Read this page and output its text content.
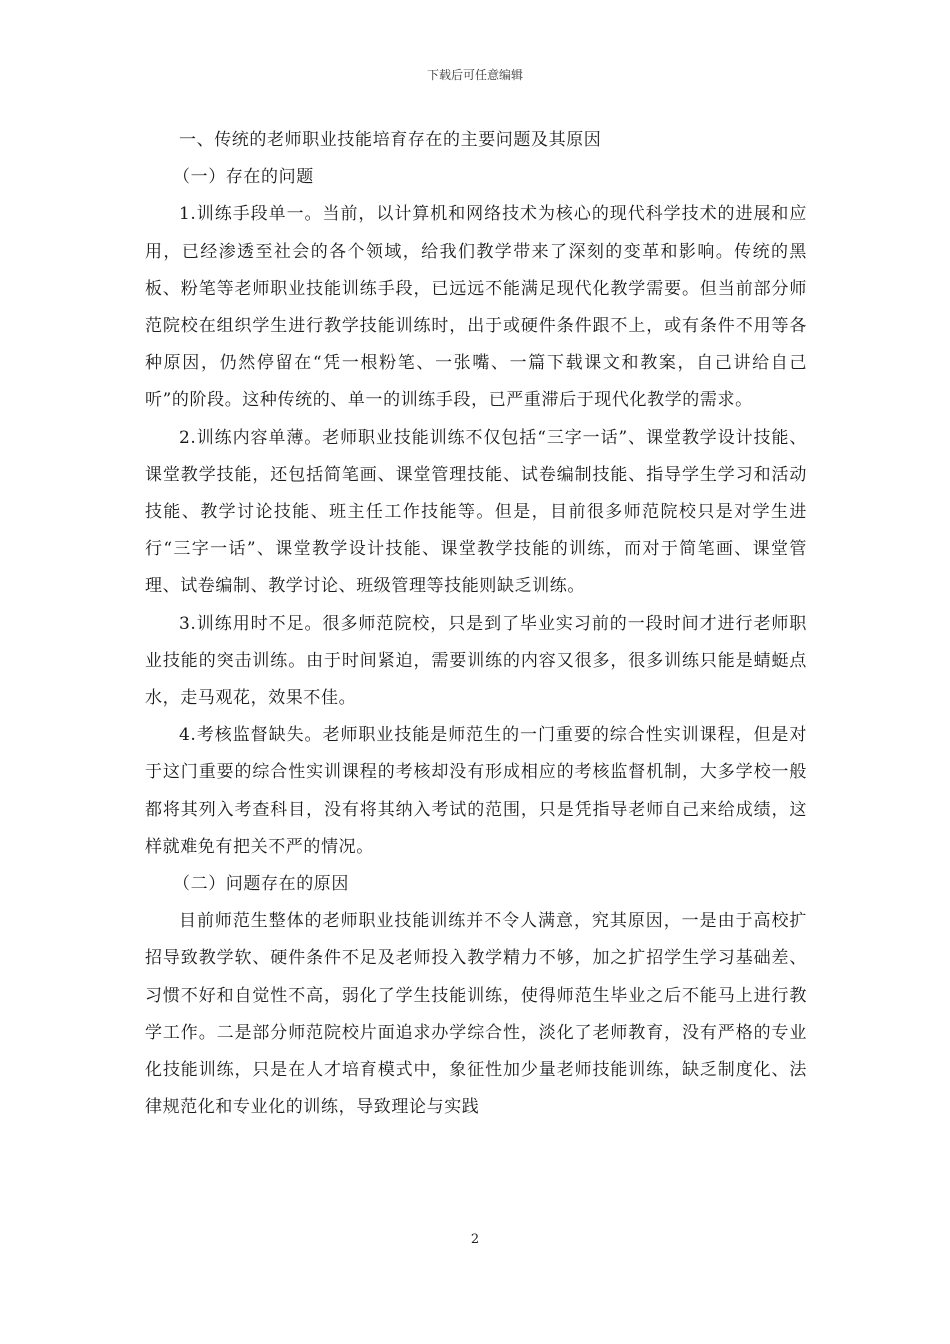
下载后可任意编辑

一、传统的老师职业技能培育存在的主要问题及其原因

（一）存在的问题

1.训练手段单一。当前，以计算机和网络技术为核心的现代科学技术的进展和应用，已经渗透至社会的各个领域，给我们教学带来了深刻的变革和影响。传统的黑板、粉笔等老师职业技能训练手段，已远远不能满足现代化教学需要。但当前部分师范院校在组织学生进行教学技能训练时，出于或硬件条件跟不上，或有条件不用等各种原因，仍然停留在“凭一根粉笔、一张嘴、一篇下载课文和教案，自己讲给自己听”的阶段。这种传统的、单一的训练手段，已严重滞后于现代化教学的需求。

2.训练内容单薄。老师职业技能训练不仅包括“三字一话”、课堂教学设计技能、课堂教学技能，还包括简笔画、课堂管理技能、试卷编制技能、指导学生学习和活动技能、教学讨论技能、班主任工作技能等。但是，目前很多师范院校只是对学生进行“三字一话”、课堂教学设计技能、课堂教学技能的训练，而对于简笔画、课堂管理、试卷编制、教学讨论、班级管理等技能则缺乏训练。

3.训练用时不足。很多师范院校，只是到了毕业实习前的一段时间才进行老师职业技能的突击训练。由于时间紧迫，需要训练的内容又很多，很多训练只能是蜻蜓点水，走马观花，效果不佳。

4.考核监督缺失。老师职业技能是师范生的一门重要的综合性实训课程，但是对于这门重要的综合性实训课程的考核却没有形成相应的考核监督机制，大多学校一般都将其列入考查科目，没有将其纳入考试的范围，只是凭指导老师自己来给成绩，这样就难免有把关不严的情况。

（二）问题存在的原因

目前师范生整体的老师职业技能训练并不令人满意，究其原因，一是由于高校扩招导致教学软、硬件条件不足及老师投入教学精力不够，加之扩招学生学习基础差、习惯不好和自觉性不高，弱化了学生技能训练，使得师范生毕业之后不能马上进行教学工作。二是部分师范院校片面追求办学综合性，淡化了老师教育，没有严格的专业化技能训练，只是在人才培育模式中，象征性加少量老师技能训练，缺乏制度化、法律规范化和专业化的训练，导致理论与实践

2
